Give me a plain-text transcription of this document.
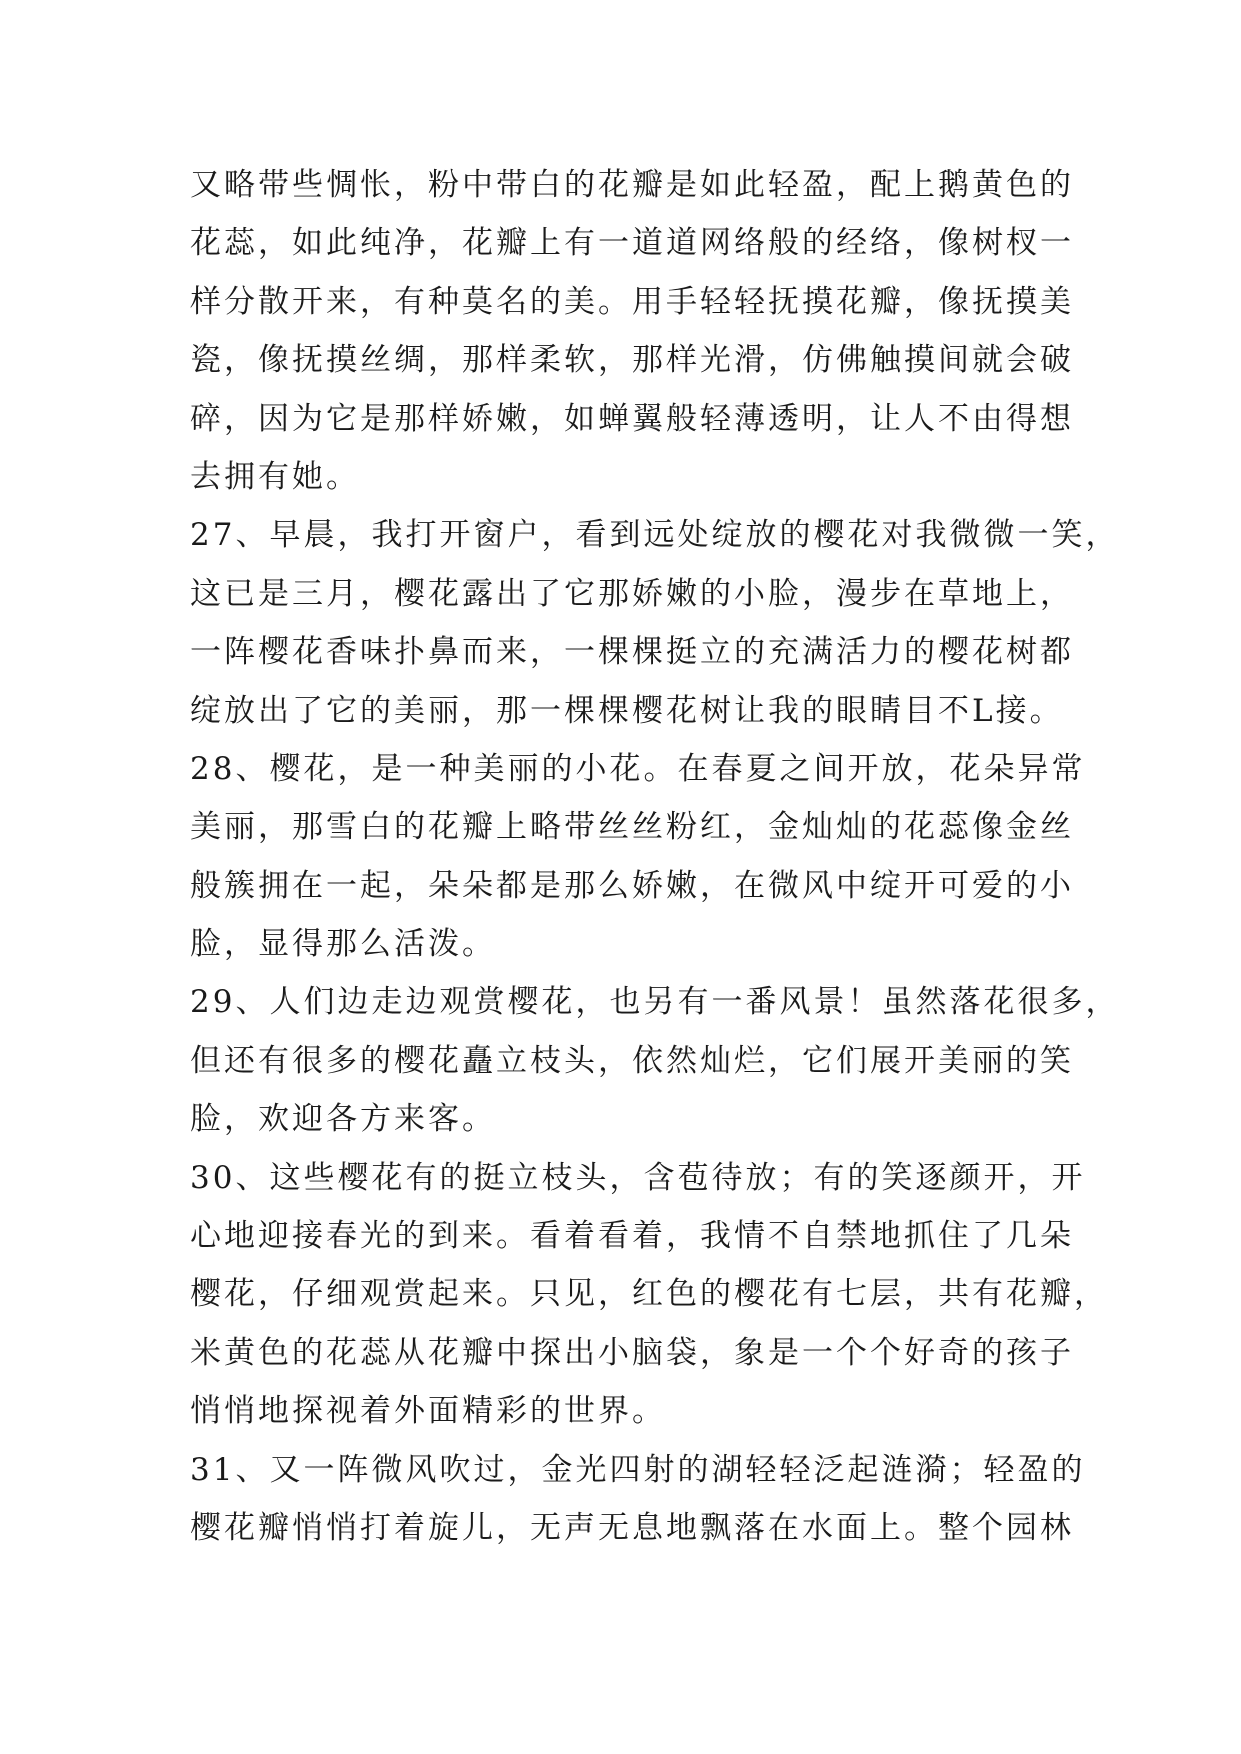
又略带些惆怅，粉中带白的花瓣是如此轻盈，配上鹅黄色的
花蕊，如此纯净，花瓣上有一道道网络般的经络，像树杈一
样分散开来，有种莫名的美。用手轻轻抚摸花瓣，像抚摸美
瓷，像抚摸丝绸，那样柔软，那样光滑，仿佛触摸间就会破
碎，因为它是那样娇嫩，如蝉翼般轻薄透明，让人不由得想
去拥有她。
27、早晨，我打开窗户，看到远处绽放的樱花对我微微一笑，
这已是三月，樱花露出了它那娇嫩的小脸，漫步在草地上，
一阵樱花香味扑鼻而来，一棵棵挺立的充满活力的樱花树都
绽放出了它的美丽，那一棵棵樱花树让我的眼睛目不L接。
28、樱花，是一种美丽的小花。在春夏之间开放，花朵异常
美丽，那雪白的花瓣上略带丝丝粉红，金灿灿的花蕊像金丝
般簇拥在一起，朵朵都是那么娇嫩，在微风中绽开可爱的小
脸，显得那么活泼。
29、人们边走边观赏樱花，也另有一番风景！虽然落花很多，
但还有很多的樱花矗立枝头，依然灿烂，它们展开美丽的笑
脸，欢迎各方来客。
30、这些樱花有的挺立枝头，含苞待放；有的笑逐颜开，开
心地迎接春光的到来。看着看着，我情不自禁地抓住了几朵
樱花，仔细观赏起来。只见，红色的樱花有七层，共有花瓣，
米黄色的花蕊从花瓣中探出小脑袋，象是一个个好奇的孩子
悄悄地探视着外面精彩的世界。
31、又一阵微风吹过，金光四射的湖轻轻泛起涟漪；轻盈的
樱花瓣悄悄打着旋儿，无声无息地飘落在水面上。整个园林
